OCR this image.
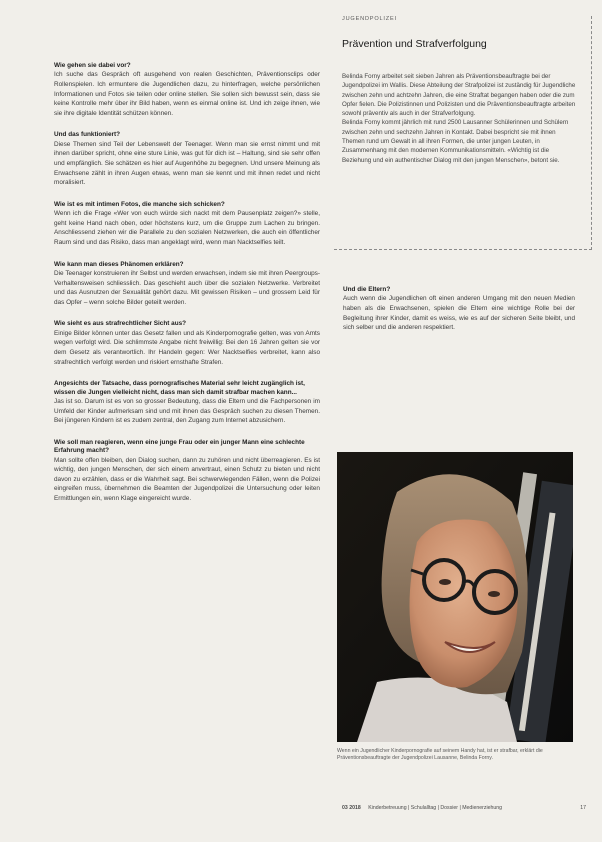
Wie gehen sie dabei vor?
Ich suche das Gespräch oft ausgehend von realen Geschichten, Präventionsclips oder Rollenspielen. Ich ermuntere die Jugendlichen dazu, zu hinterfragen, welche persönlichen Informationen und Fotos sie teilen oder online stellen. Sie sollen sich bewusst sein, dass sie keine Kontrolle mehr über ihr Bild haben, wenn es einmal online ist. Und ich zeige ihnen, wie sie ihre digitale Identität schützen können.
Und das funktioniert?
Diese Themen sind Teil der Lebenswelt der Teenager. Wenn man sie ernst nimmt und mit ihnen darüber spricht, ohne eine sture Linie, was gut für dich ist – Haltung, sind sie sehr offen und empfänglich. Sie schätzen es hier auf Augenhöhe zu begegnen. Und unsere Meinung als Erwachsene zählt in ihren Augen etwas, wenn man sie kennt und mit ihnen redet und nicht moralisiert.
Wie ist es mit intimen Fotos, die manche sich schicken?
Wenn ich die Frage «Wer von euch würde sich nackt mit dem Pausenplatz zeigen?» stelle, geht keine Hand nach oben, oder höchstens kurz, um die Gruppe zum Lachen zu bringen. Anschliessend ziehen wir die Parallele zu den sozialen Netzwerken, die auch ein öffentlicher Raum sind und das Risiko, dass man angeklagt wird, wenn man Nacktselfies teilt.
Wie kann man dieses Phänomen erklären?
Die Teenager konstruieren ihr Selbst und werden erwachsen, indem sie mit ihren Peergroups-Verhaltensweisen schliesslich. Das geschieht auch über die sozialen Netzwerke. Verbreitet und das Ausnutzen der Sexualität gehört dazu. Mit gewissen Risiken – und grossem Leid für das Opfer – wenn solche Bilder geteilt werden.
Wie sieht es aus strafrechtlicher Sicht aus?
Einige Bilder können unter das Gesetz fallen und als Kinderpornografie gelten, was von Amts wegen verfolgt wird. Die schlimmste Angabe nicht freiwillig: Bei den 16 Jahren gelten sie vor dem Gesetz als verantwortlich. Ihr Handeln gegen: Wer Nacktselfies verbreitet, kann also strafrechtlich verfolgt werden und riskiert ernsthafte Strafen.
Angesichts der Tatsache, dass pornografisches Material sehr leicht zugänglich ist, wissen die Jungen vielleicht nicht, dass man sich damit strafbar machen kann...
Jas ist so. Darum ist es von so grosser Bedeutung, dass die Eltern und die Fachpersonen im Umfeld der Kinder aufmerksam sind und mit ihnen das Gespräch suchen zu diesen Themen. Bei jüngeren Kindern ist es zudem zentral, den Zugang zum Internet abzusichern.
Wie soll man reagieren, wenn eine junge Frau oder ein junger Mann eine schlechte Erfahrung macht?
Man sollte offen bleiben, den Dialog suchen, dann zu zuhören und nicht überreagieren. Es ist wichtig, den jungen Menschen, der sich einem anvertraut, einen Schutz zu bieten und nicht davon zu erzählen, dass er die Wahrheit sagt. Bei schwerwiegenden Fällen, wenn die Polizei eingreifen muss, übernehmen die Beamten der Jugendpolizei die Untersuchung oder leiten Ermittlungen ein, wenn Klage eingereicht wurde.
JUGENDPOLIZEI
Prävention und Strafverfolgung
Belinda Forny arbeitet seit sieben Jahren als Präventionsbeauftragte bei der Jugendpolizei im Wallis. Diese Abteilung der Strafpolizei ist zuständig für Jugendliche zwischen zehn und achtzehn Jahren, die eine Straftat begangen haben oder die zum Opfer fielen. Die Polizistinnen und Polizisten und die Präventionsbeauftragte arbeiten sowohl präventiv als auch in der Strafverfolgung.
Belinda Forny kommt jährlich mit rund 2500 Lausanner Schülerinnen und Schülern zwischen zehn und sechzehn Jahren in Kontakt. Dabei bespricht sie mit ihnen Themen rund um Gewalt in all ihren Formen, die unter jungen Leuten, in Zusammenhang mit den modernen Kommunikationsmitteln. «Wichtig ist die Beziehung und ein authentischer Dialog mit den jungen Menschen», betont sie.
Und die Eltern?
Auch wenn die Jugendlichen oft einen anderen Umgang mit den neuen Medien haben als die Erwachsenen, spielen die Eltern eine wichtige Rolle bei der Begleitung ihrer Kinder, damit es weiss, wie es auf der sicheren Seite bleibt, und sich selber und die anderen respektiert.
Wenn ein Jugendlicher Kinderpornografie auf seinem Handy hat, ist er strafbar, erklärt die Präventionsbeauftragte der Jugendpolizei Lausanne, Belinda Forny.
03 2018 Kinderbetreuung | Schulalltag | Dossier | Medienerziehung	17
